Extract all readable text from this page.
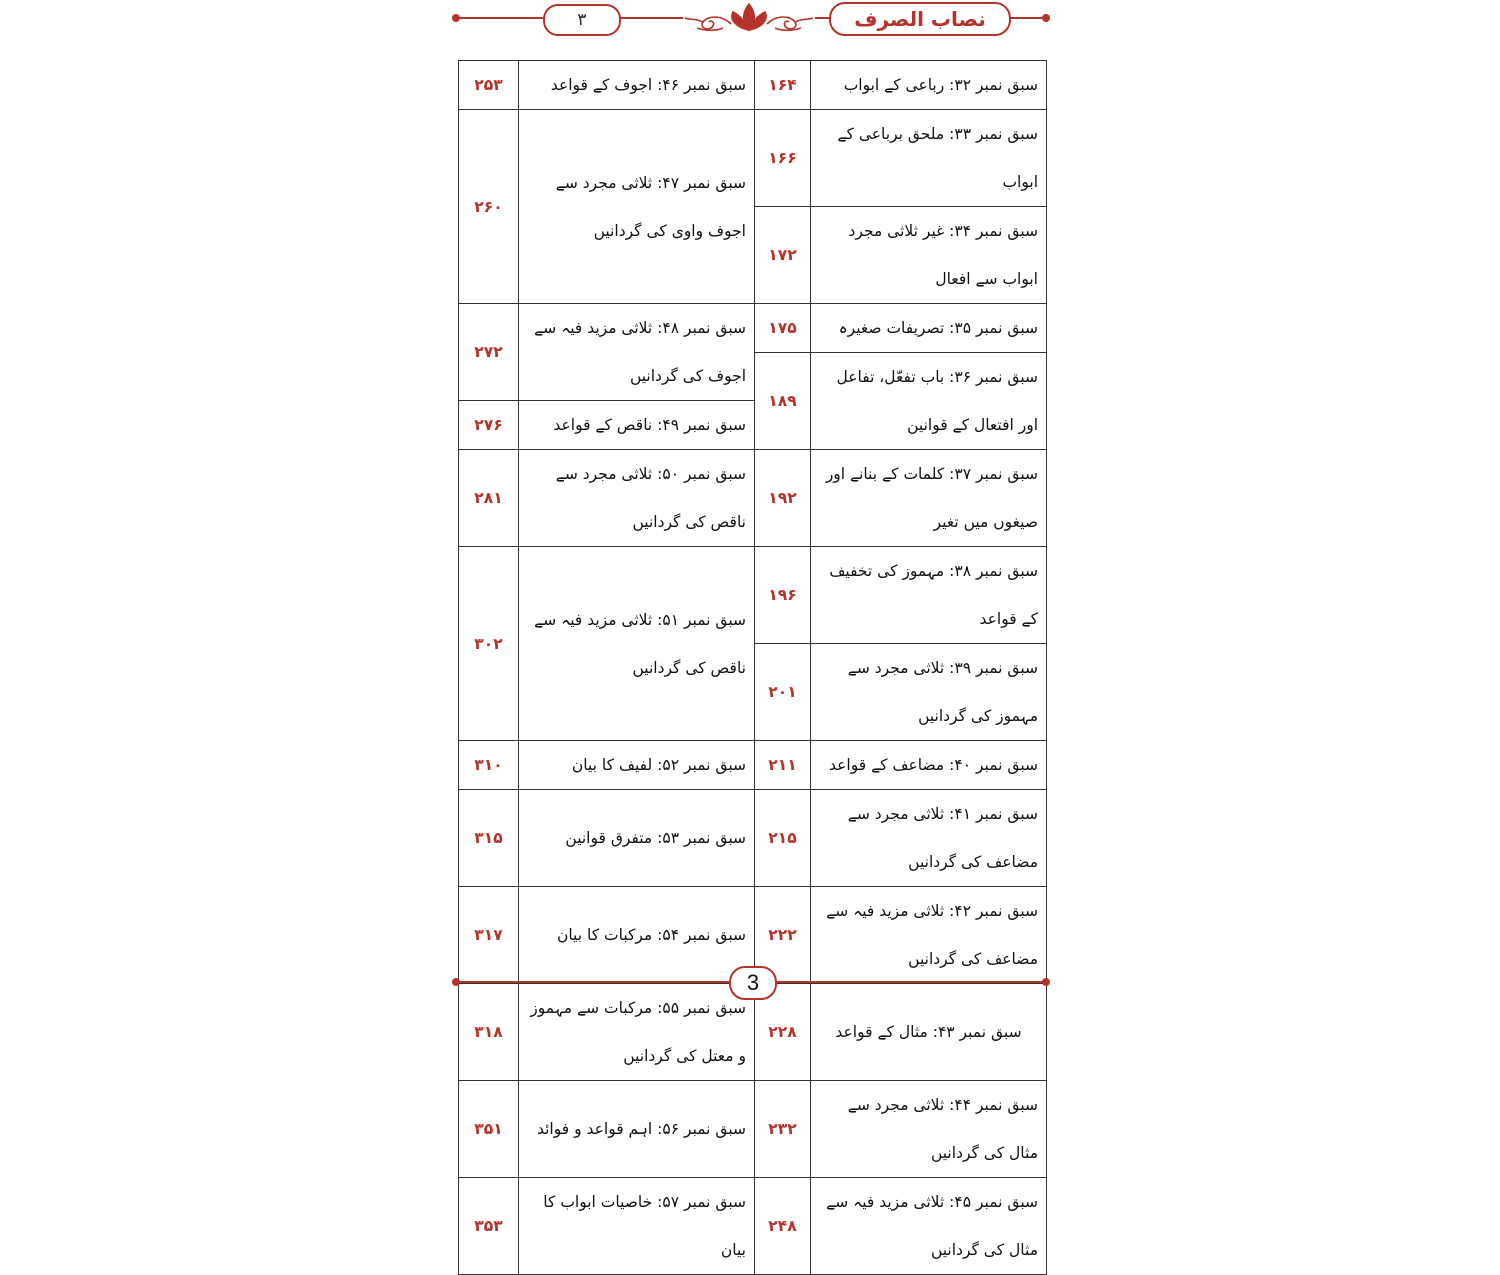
۳	نصاب الصرف
سبق نمبر ۳۲: رباعی کے ابواب	۱۶۴	سبق نمبر ۴۶: اجوف کے قواعد	۲۵۳
سبق نمبر ۳۳: ملحق برباعی کے ابواب	۱۶۶	سبق نمبر ۴۷: ثلاثی مجرد سے اجوف واوی کی گردانیں	۲۶۰
سبق نمبر ۳۴: غیر ثلاثی مجرد ابواب سے افعال	۱۷۲		
سبق نمبر ۳۵: تصریفات صغیرہ	۱۷۵	سبق نمبر ۴۸: ثلاثی مزید فیہ سے اجوف کی گردانیں	۲۷۲
سبق نمبر ۳۶: باب تفعّل، تفاعل اور افتعال کے قوانین	۱۸۹		
		سبق نمبر ۴۹: ناقص کے قواعد	۲۷۶
سبق نمبر ۳۷: کلمات کے بنانے اور صیغوں میں تغیر	۱۹۲	سبق نمبر ۵۰: ثلاثی مجرد سے ناقص کی گردانیں	۲۸۱
سبق نمبر ۳۸: مہموز کی تخفیف کے قواعد	۱۹۶	سبق نمبر ۵۱: ثلاثی مزید فیہ سے ناقص کی گردانیں	۳۰۲
سبق نمبر ۳۹: ثلاثی مجرد سے مہموز کی گردانیں	۲۰۱		
سبق نمبر ۴۰: مضاعف کے قواعد	۲۱۱	سبق نمبر ۵۲: لفیف کا بیان	۳۱۰
سبق نمبر ۴۱: ثلاثی مجرد سے مضاعف کی گردانیں	۲۱۵	سبق نمبر ۵۳: متفرق قوانین	۳۱۵
سبق نمبر ۴۲: ثلاثی مزید فیہ سے مضاعف کی گردانیں	۲۲۲	سبق نمبر ۵۴: مرکبات کا بیان	۳۱۷
سبق نمبر ۴۳: مثال کے قواعد	۲۲۸	سبق نمبر ۵۵: مرکبات سے مہموز و معتل کی گردانیں	۳۱۸
سبق نمبر ۴۴: ثلاثی مجرد سے مثال کی گردانیں	۲۳۲	سبق نمبر ۵۶: اہم قواعد و فوائد	۳۵۱
سبق نمبر ۴۵: ثلاثی مزید فیہ سے مثال کی گردانیں	۲۴۸	سبق نمبر ۵۷: خاصیات ابواب کا بیان	۳۵۳
3
